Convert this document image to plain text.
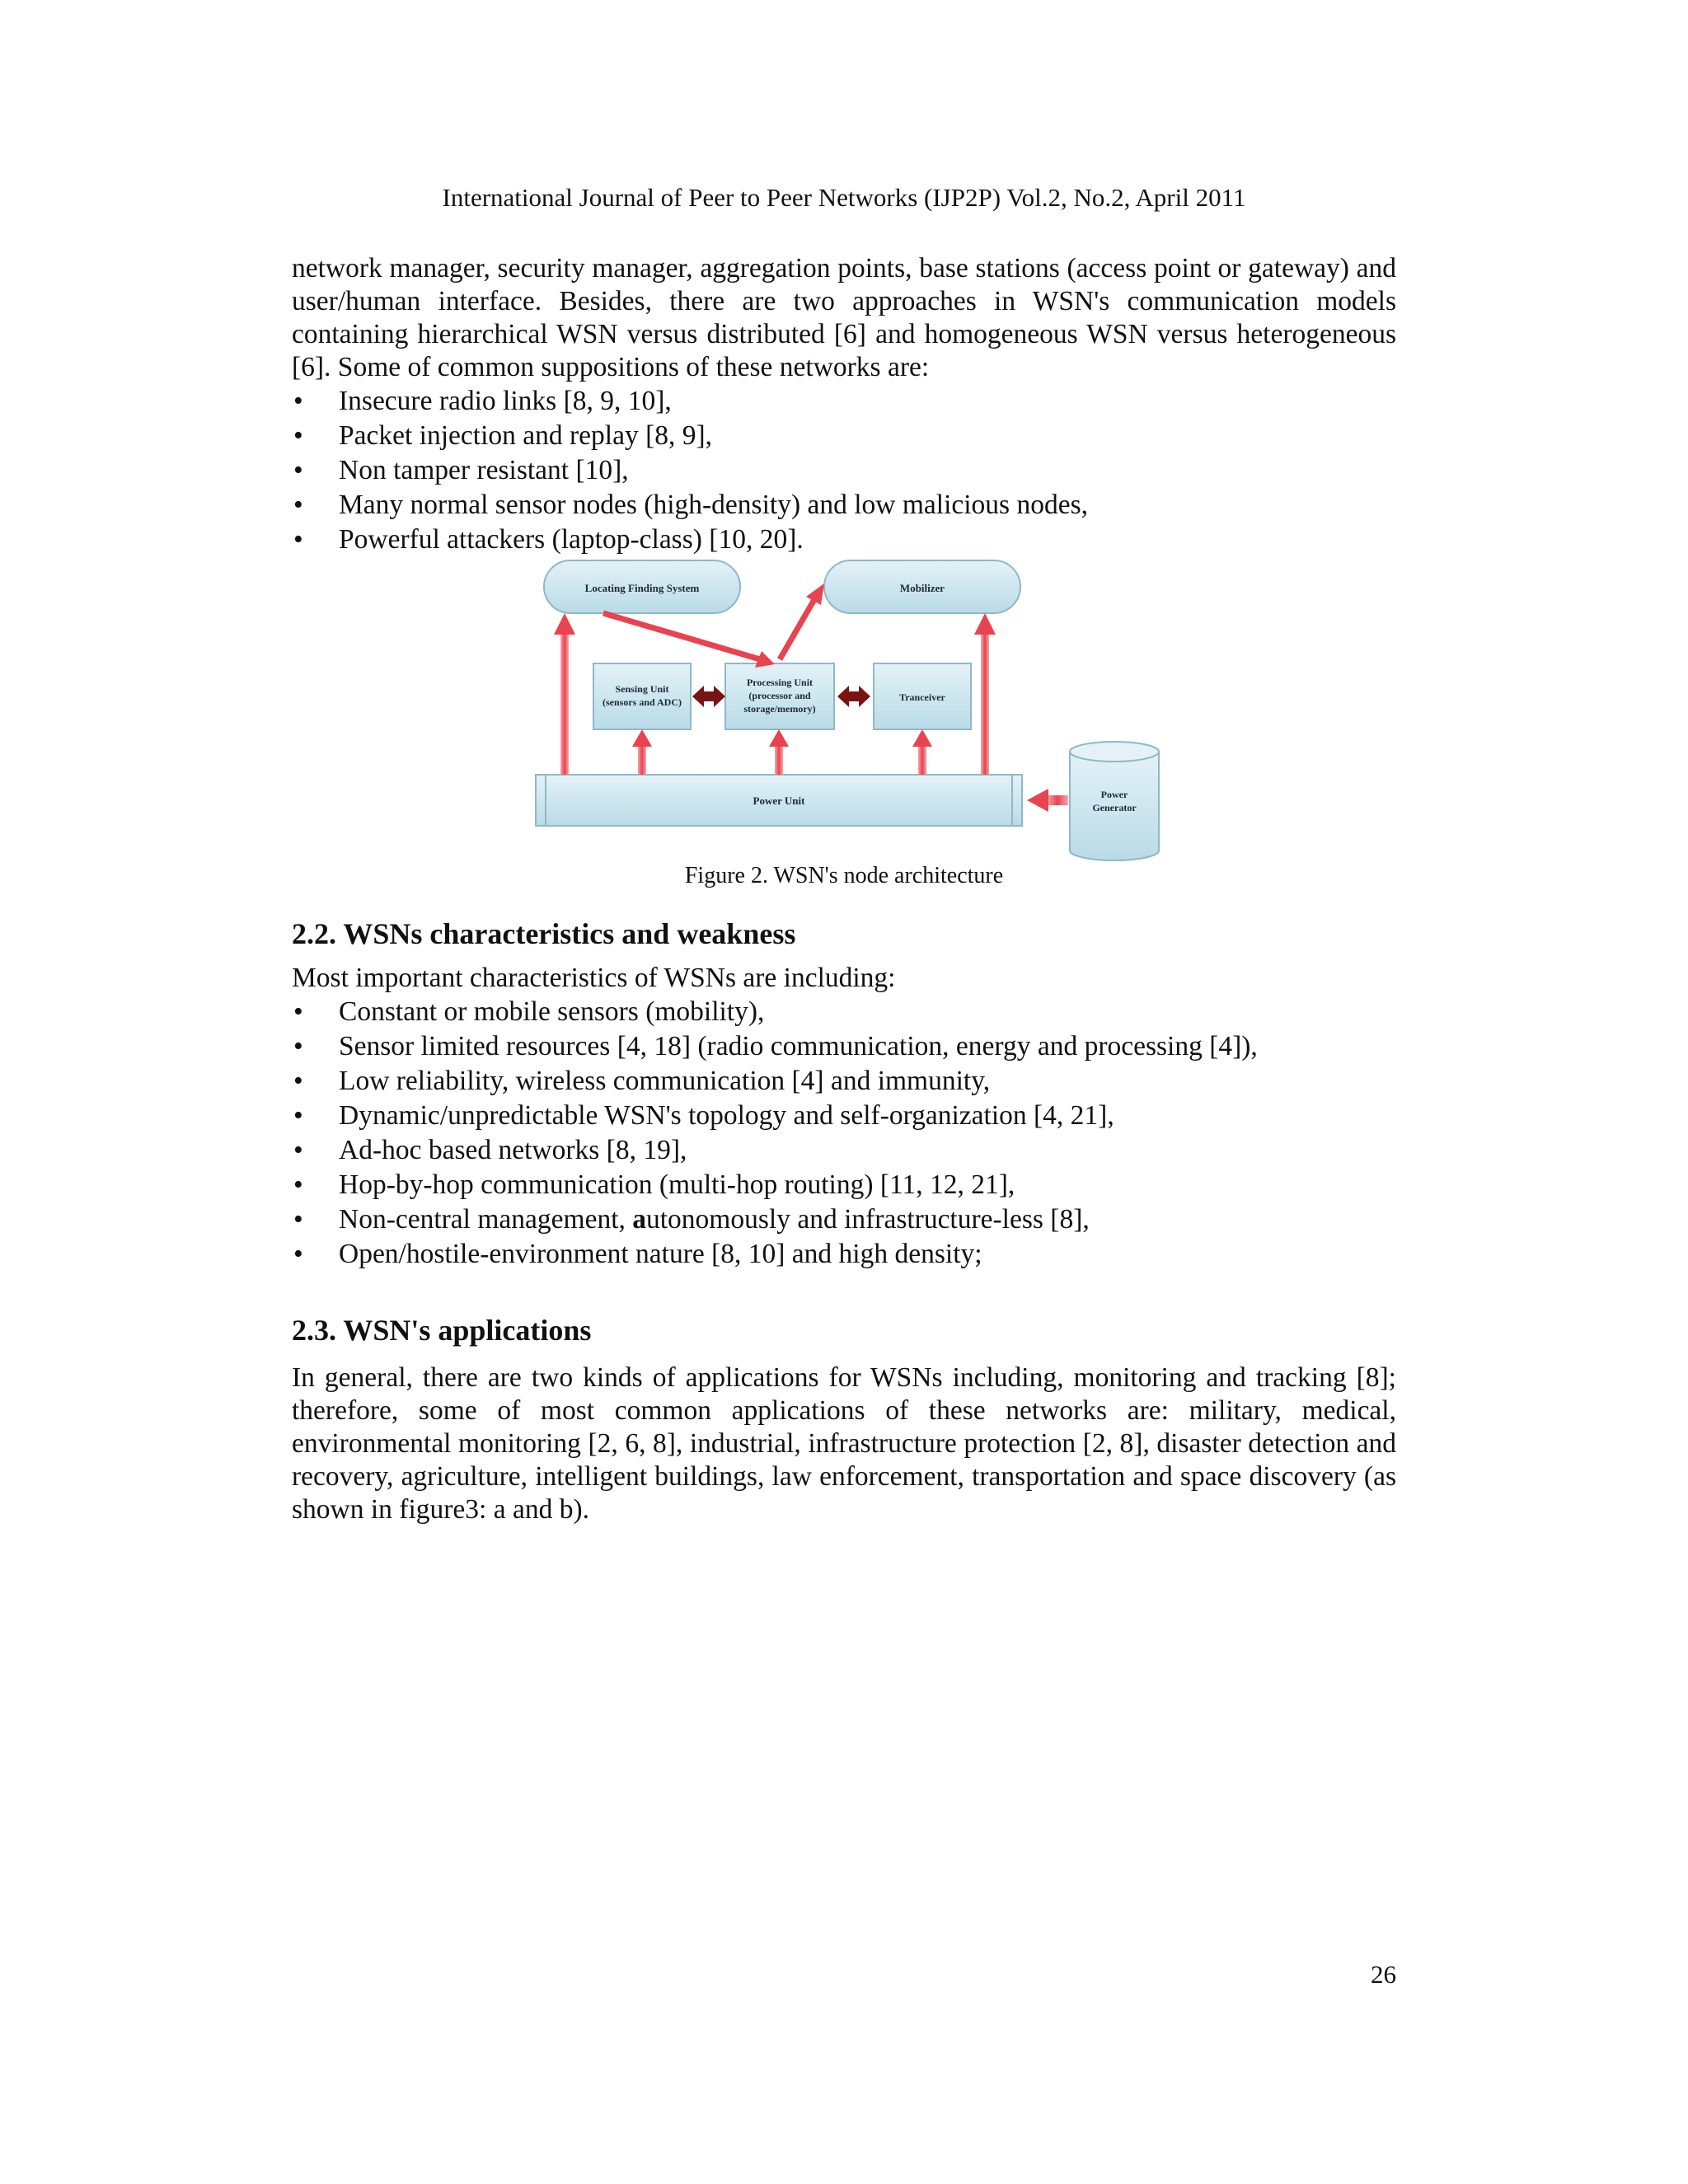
International Journal of Peer to Peer Networks (IJP2P) Vol.2, No.2, April 2011

network manager, security manager, aggregation points, base stations (access point or gateway) and user/human interface. Besides, there are two approaches in WSN's communication models containing hierarchical WSN versus distributed [6] and homogeneous WSN versus heterogeneous [6]. Some of common suppositions of these networks are:

• Insecure radio links [8, 9, 10],
• Packet injection and replay [8, 9],
• Non tamper resistant [10],
• Many normal sensor nodes (high-density) and low malicious nodes,
• Powerful attackers (laptop-class) [10, 20].
Locating Finding System	Mobilizer
Sensing Unit
(sensors and ADC)
Processing Unit
(processor and
storage/memory)
Tranceiver
Power Unit	Power
Generator
Figure 2. WSN's node architecture
2.2. WSNs characteristics and weakness

Most important characteristics of WSNs are including:

• Constant or mobile sensors (mobility),
• Sensor limited resources [4, 18] (radio communication, energy and processing [4]),
• Low reliability, wireless communication [4] and immunity,
• Dynamic/unpredictable WSN's topology and self-organization [4, 21],
• Ad-hoc based networks [8, 19],
• Hop-by-hop communication (multi-hop routing) [11, 12, 21],
• Non-central management, autonomously and infrastructure-less [8],
• Open/hostile-environment nature [8, 10] and high density;
2.3. WSN's applications

In general, there are two kinds of applications for WSNs including, monitoring and tracking [8]; therefore, some of most common applications of these networks are: military, medical, environmental monitoring [2, 6, 8], industrial, infrastructure protection [2, 8], disaster detection and recovery, agriculture, intelligent buildings, law enforcement, transportation and space discovery (as shown in figure3: a and b).

26
